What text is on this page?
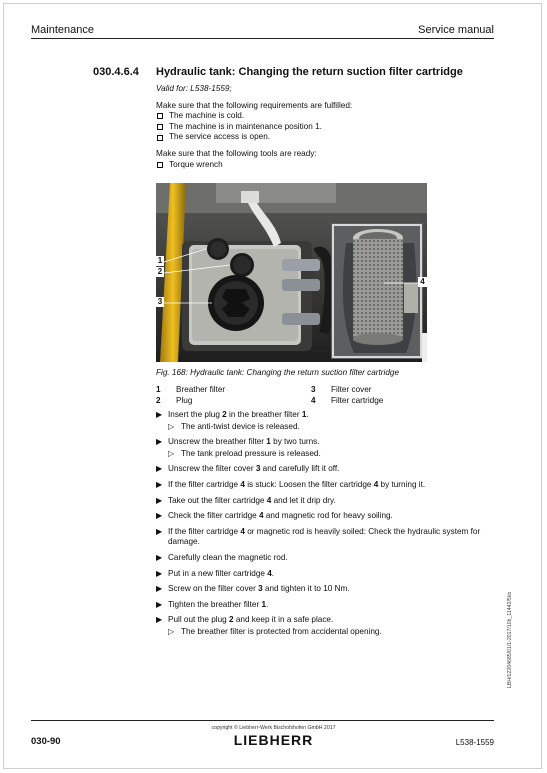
Maintenance	Service manual
030.4.6.4 Hydraulic tank: Changing the return suction filter cartridge
Valid for: L538-1559;

Make sure that the following requirements are fulfilled:

The machine is cold.
The machine is in maintenance position 1.
The service access is open.

Make sure that the following tools are ready:

Torque wrench
1
2
3
4
Fig. 168: Hydraulic tank: Changing the return suction filter cartridge
1	Breather filter	3	Filter cover
2	Plug	4	Filter cartridge
▶ Insert the plug 2 in the breather filter 1.
▷ The anti-twist device is released.
▶ Unscrew the breather filter 1 by two turns.
▷ The tank preload pressure is released.
▶ Unscrew the filter cover 3 and carefully lift it off.
▶ If the filter cartridge 4 is stuck: Loosen the filter cartridge 4 by turning it.
▶ Take out the filter cartridge 4 and let it drip dry.
▶ Check the filter cartridge 4 and magnetic rod for heavy soiling.
▶ If the filter cartridge 4 or magnetic rod is heavily soiled: Check the hydraulic system for damage.
▶ Carefully clean the magnetic rod.
▶ Put in a new filter cartridge 4.
▶ Screw on the filter cover 3 and tighten it to 10 Nm.
▶ Tighten the breather filter 1.
▶ Pull out the plug 2 and keep it in a safe place.
▷ The breather filter is protected from accidental opening.	LBH/12204685/01/1-2017/10b_11442/5kb
copyright © Liebherr-Werk Bischofshofen GmbH 2017
LIEBHERR
030-90	L538-1559
